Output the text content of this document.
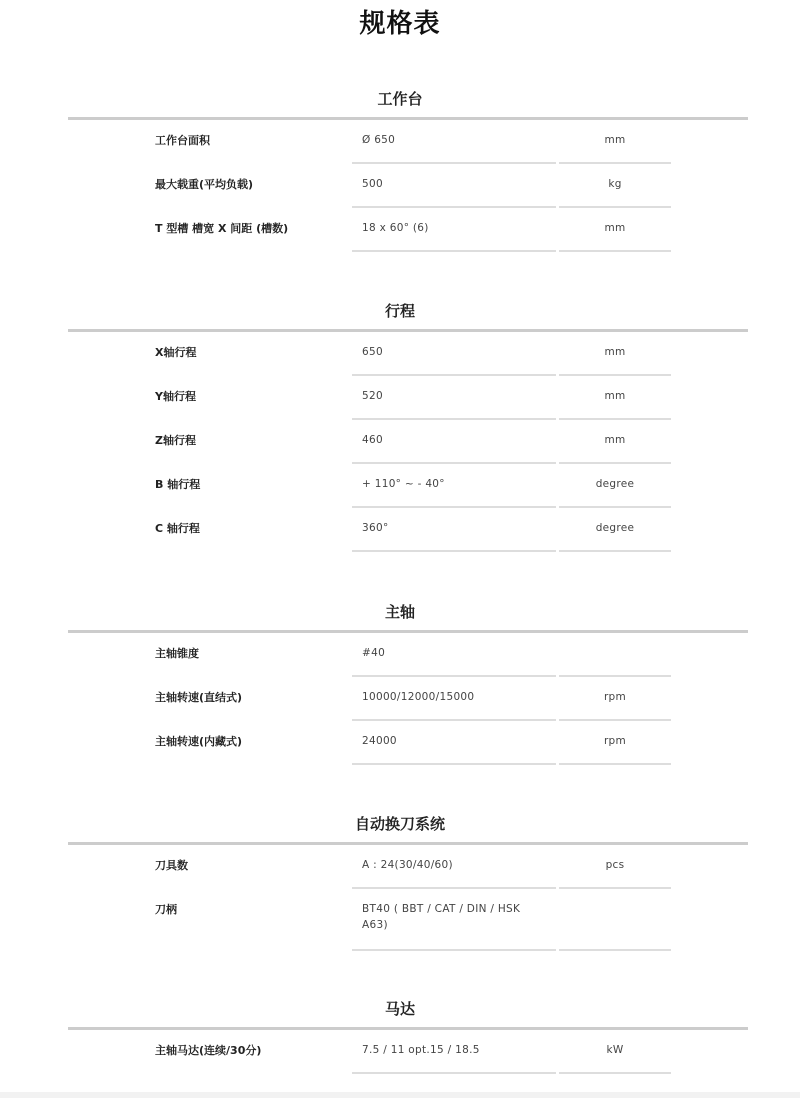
规格表
工作台
工作台面积	Ø 650	mm
最大载重(平均负载)	500	kg
T 型槽 槽宽 X 间距 (槽数)	18 x 60° (6)	mm
行程
X轴行程	650	mm
Y轴行程	520	mm
Z轴行程	460	mm
B 轴行程	+ 110° ~ - 40°	degree
C 轴行程	360°	degree
主轴
主轴锥度	#40
主轴转速(直结式)	10000/12000/15000	rpm
主轴转速(内藏式)	24000	rpm
自动换刀系统
刀具数	A : 24(30/40/60)	pcs
刀柄	BT40 ( BBT / CAT / DIN / HSK A63)
马达
主轴马达(连续/30分)	7.5 / 11 opt.15 / 18.5	kW
